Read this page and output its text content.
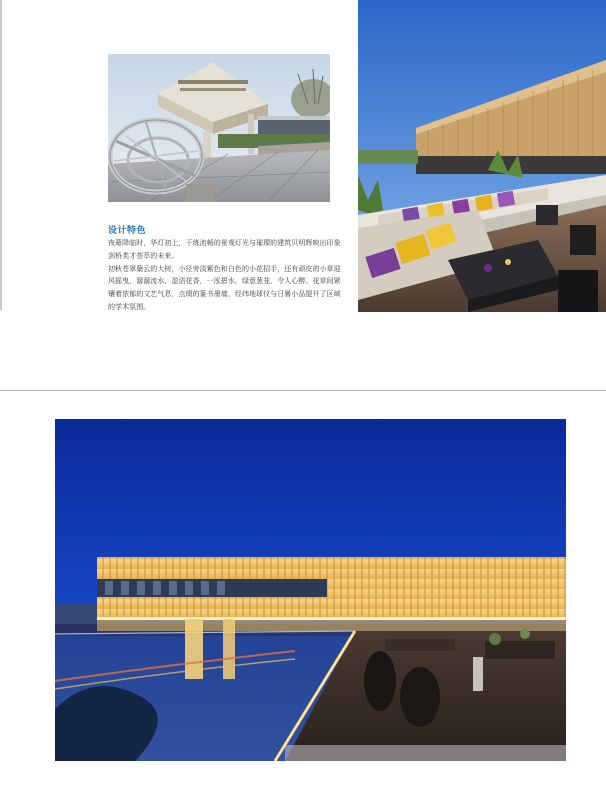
设计特色

夜幕降临时，华灯初上，干练流畅的景观灯光与璀璨的建筑贝明辉映出印象剑桥类才荟萃的未来。

初秋苍翠蘖云的大树，小径旁淡紫色和白色的小花招手，还有顽皮的小草迎风摇曳，潺潺流水，盈语花香，一泓碧水，绿意葱茏，令人心醉。花草间紧镶着浓郁的文艺气息，点缀的篆书墨墙，经纬地球仪与日晷小品提升了区域的学术氛围。
